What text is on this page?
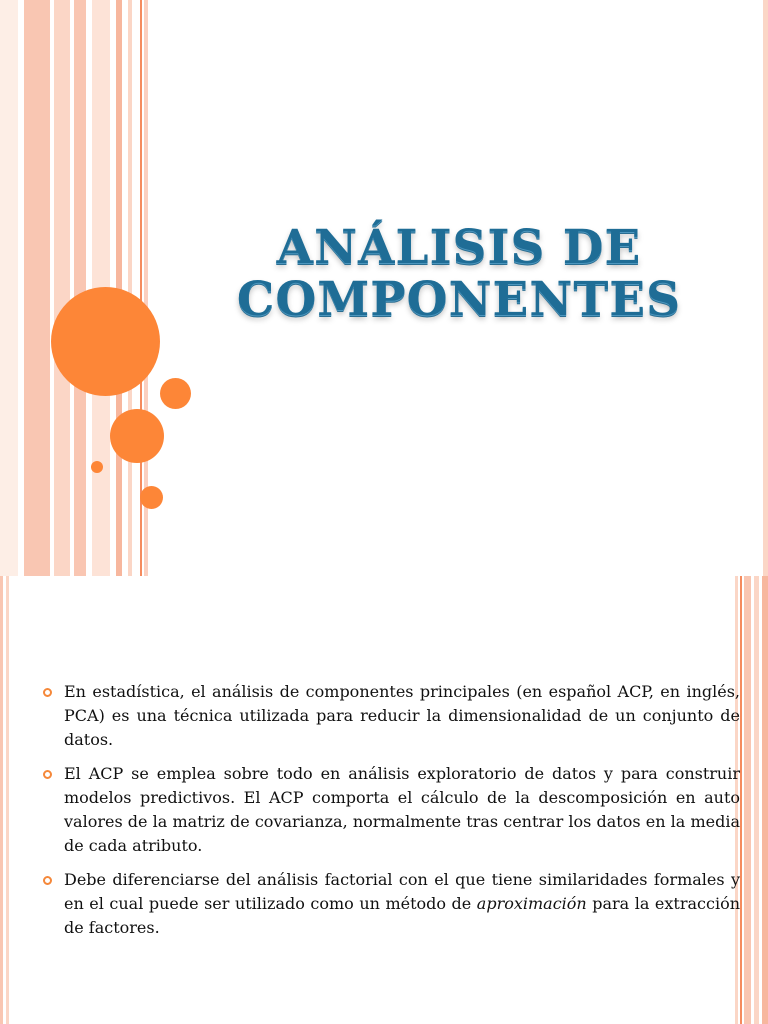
ANÁLISIS DE
COMPONENTES
En estadística, el análisis de componentes principales (en español ACP, en inglés, PCA) es una técnica utilizada para reducir la dimensionalidad de un conjunto de datos.
El ACP se emplea sobre todo en análisis exploratorio de datos y para construir modelos predictivos. El ACP comporta el cálculo de la descomposición en auto valores de la matriz de covarianza, normalmente tras centrar los datos en la media de cada atributo.
Debe diferenciarse del análisis factorial con el que tiene similaridades formales y en el cual puede ser utilizado como un método de aproximación para la extracción de factores.
